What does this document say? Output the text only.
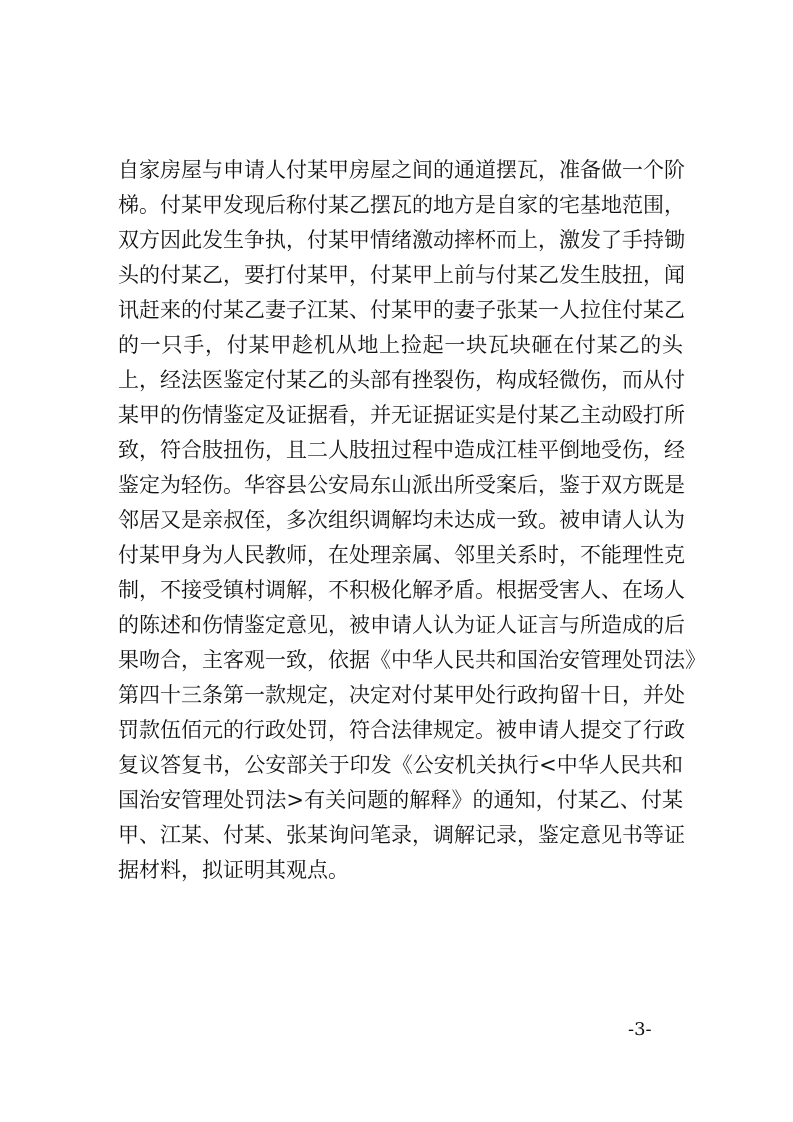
自家房屋与申请人付某甲房屋之间的通道摆瓦，准备做一个阶
梯。付某甲发现后称付某乙摆瓦的地方是自家的宅基地范围，
双方因此发生争执，付某甲情绪激动摔杯而上，激发了手持锄
头的付某乙，要打付某甲，付某甲上前与付某乙发生肢扭，闻
讯赶来的付某乙妻子江某、付某甲的妻子张某一人拉住付某乙
的一只手，付某甲趁机从地上捡起一块瓦块砸在付某乙的头
上，经法医鉴定付某乙的头部有挫裂伤，构成轻微伤，而从付
某甲的伤情鉴定及证据看，并无证据证实是付某乙主动殴打所
致，符合肢扭伤，且二人肢扭过程中造成江桂平倒地受伤，经
鉴定为轻伤。华容县公安局东山派出所受案后，鉴于双方既是
邻居又是亲叔侄，多次组织调解均未达成一致。被申请人认为
付某甲身为人民教师，在处理亲属、邻里关系时，不能理性克
制，不接受镇村调解，不积极化解矛盾。根据受害人、在场人
的陈述和伤情鉴定意见，被申请人认为证人证言与所造成的后
果吻合，主客观一致，依据《中华人民共和国治安管理处罚法》
第四十三条第一款规定，决定对付某甲处行政拘留十日，并处
罚款伍佰元的行政处罚，符合法律规定。被申请人提交了行政
复议答复书，公安部关于印发《公安机关执行<中华人民共和
国治安管理处罚法>有关问题的解释》的通知，付某乙、付某
甲、江某、付某、张某询问笔录，调解记录，鉴定意见书等证
据材料，拟证明其观点。
-3-
